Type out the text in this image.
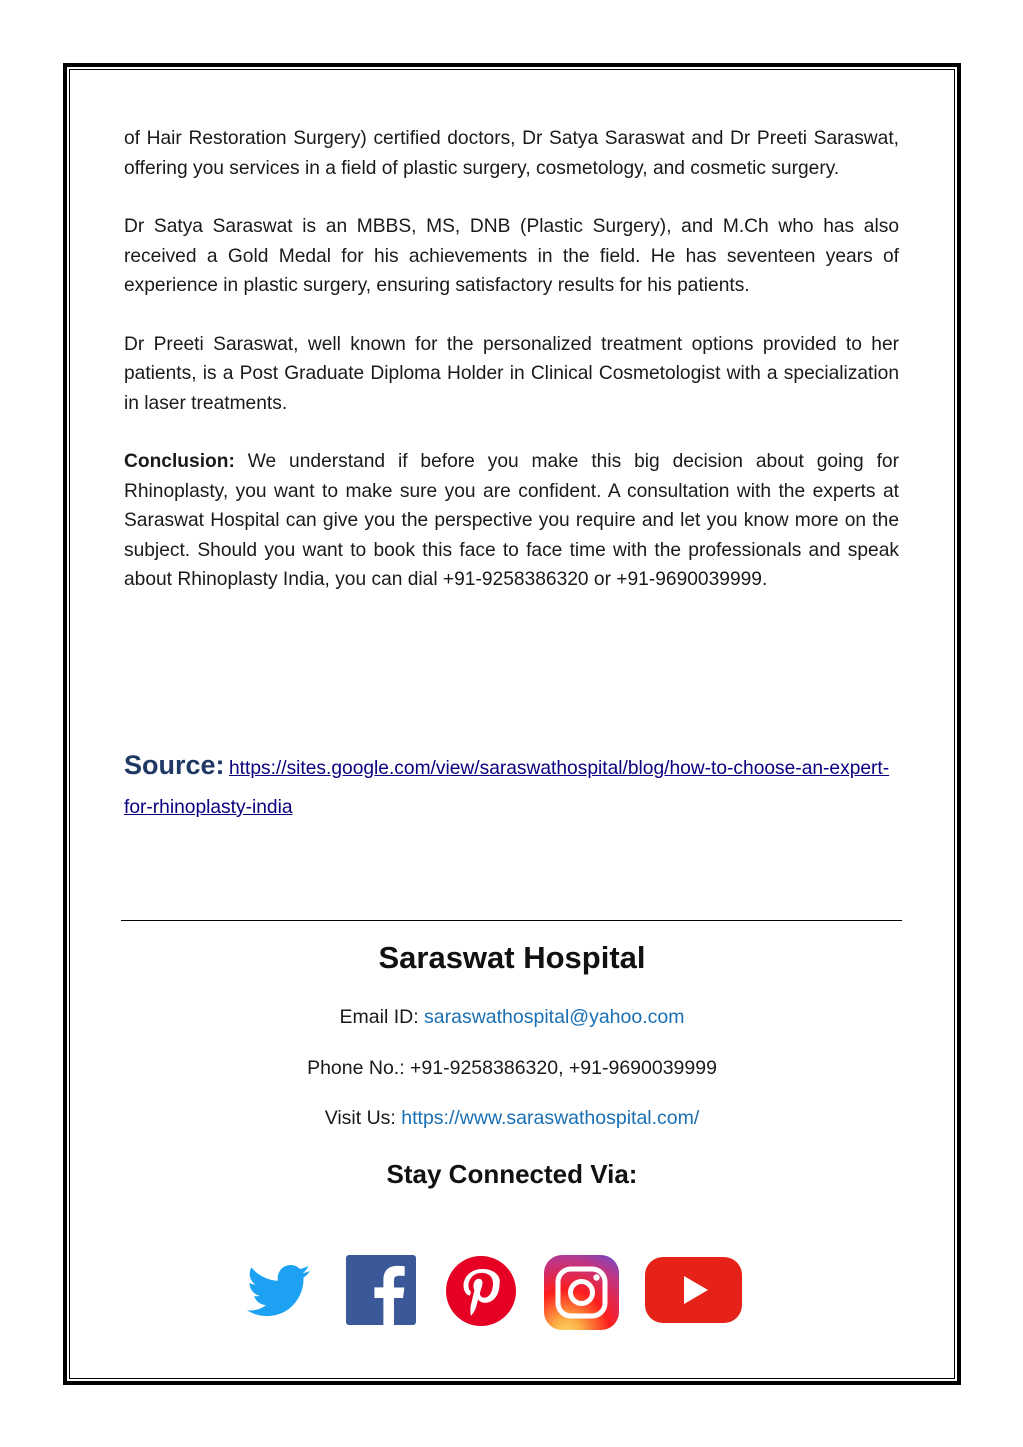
of Hair Restoration Surgery) certified doctors, Dr Satya Saraswat and Dr Preeti Saraswat, offering you services in a field of plastic surgery, cosmetology, and cosmetic surgery.

Dr Satya Saraswat is an MBBS, MS, DNB (Plastic Surgery), and M.Ch who has also received a Gold Medal for his achievements in the field. He has seventeen years of experience in plastic surgery, ensuring satisfactory results for his patients.

Dr Preeti Saraswat, well known for the personalized treatment options provided to her patients, is a Post Graduate Diploma Holder in Clinical Cosmetologist with a specialization in laser treatments.

Conclusion: We understand if before you make this big decision about going for Rhinoplasty, you want to make sure you are confident. A consultation with the experts at Saraswat Hospital can give you the perspective you require and let you know more on the subject. Should you want to book this face to face time with the professionals and speak about Rhinoplasty India, you can dial +91-9258386320 or +91-9690039999.

Source: https://sites.google.com/view/saraswathospital/blog/how-to-choose-an-expert-for-rhinoplasty-india
Saraswat Hospital
Email ID: saraswathospital@yahoo.com
Phone No.: +91-9258386320, +91-9690039999
Visit Us: https://www.saraswathospital.com/
Stay Connected Via:
